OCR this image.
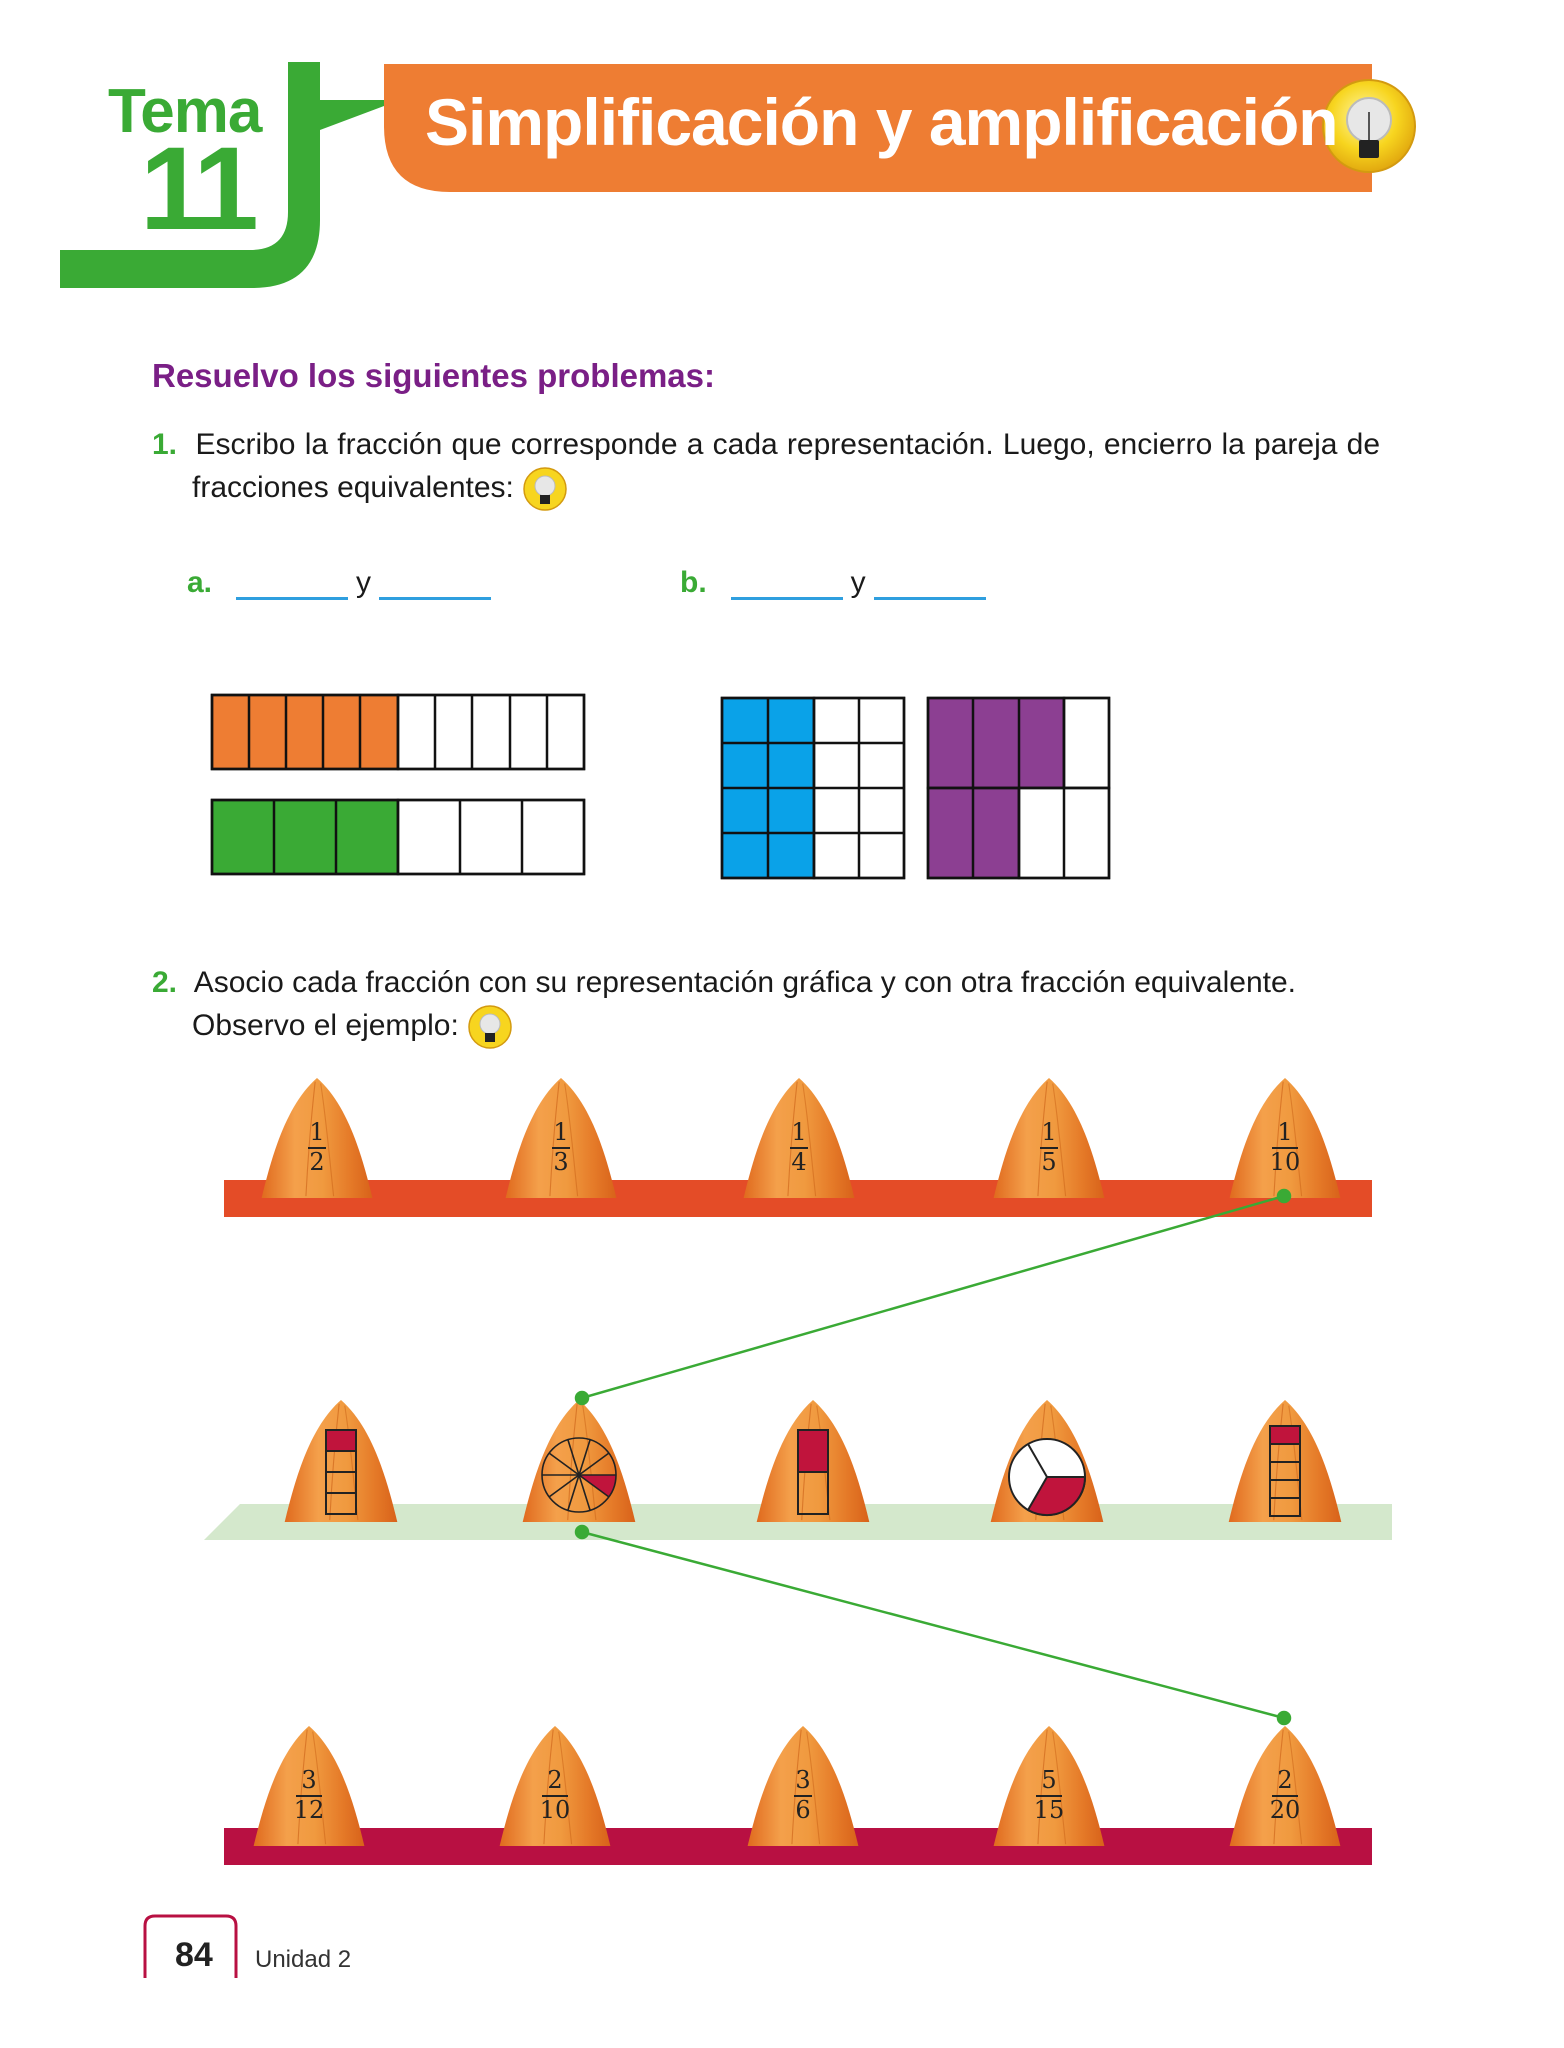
Tema
11
Simplificación y amplificación
Resuelvo los siguientes problemas:
1. Escribo la fracción que corresponde a cada representación. Luego, encierro la pareja de fracciones equivalentes:
a.	y	b.	y
2. Asocio cada fracción con su representación gráfica y con otra fracción equivalente. Observo el ejemplo:
1
2
1
3
1
4
1
5
1
10
3
12
2
10
3
6
5
15
2
20
84 Unidad 2
